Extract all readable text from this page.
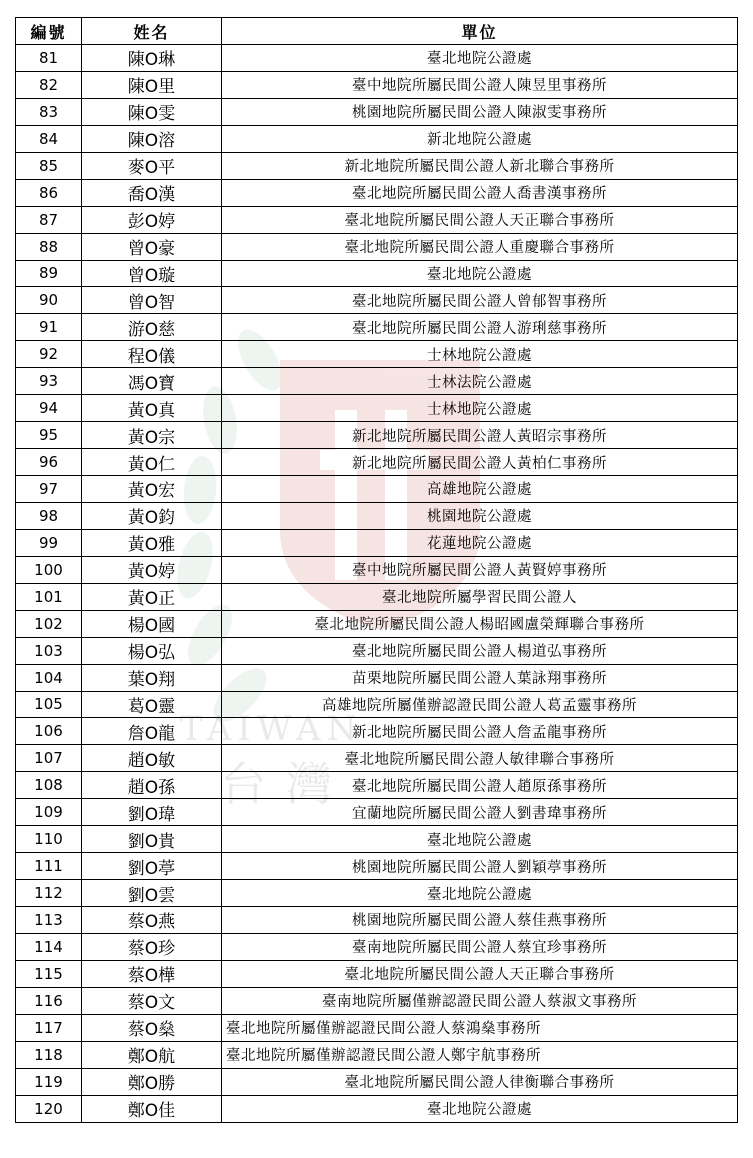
TAIWAN
台灣
編號	姓名	單位
81	陳O琳	臺北地院公證處
82	陳O里	臺中地院所屬民間公證人陳昱里事務所
83	陳O雯	桃園地院所屬民間公證人陳淑雯事務所
84	陳O溶	新北地院公證處
85	麥O平	新北地院所屬民間公證人新北聯合事務所
86	喬O漢	臺北地院所屬民間公證人喬書漢事務所
87	彭O婷	臺北地院所屬民間公證人天正聯合事務所
88	曾O豪	臺北地院所屬民間公證人重慶聯合事務所
89	曾O璇	臺北地院公證處
90	曾O智	臺北地院所屬民間公證人曾郁智事務所
91	游O慈	臺北地院所屬民間公證人游琍慈事務所
92	程O儀	士林地院公證處
93	馮O寶	士林法院公證處
94	黃O真	士林地院公證處
95	黃O宗	新北地院所屬民間公證人黃昭宗事務所
96	黃O仁	新北地院所屬民間公證人黃柏仁事務所
97	黃O宏	高雄地院公證處
98	黃O鈞	桃園地院公證處
99	黃O雅	花蓮地院公證處
100	黃O婷	臺中地院所屬民間公證人黃賢婷事務所
101	黃O正	臺北地院所屬學習民間公證人
102	楊O國	臺北地院所屬民間公證人楊昭國盧榮輝聯合事務所
103	楊O弘	臺北地院所屬民間公證人楊道弘事務所
104	葉O翔	苗栗地院所屬民間公證人葉詠翔事務所
105	葛O靈	高雄地院所屬僅辦認證民間公證人葛孟靈事務所
106	詹O龍	新北地院所屬民間公證人詹孟龍事務所
107	趙O敏	臺北地院所屬民間公證人敏律聯合事務所
108	趙O孫	臺北地院所屬民間公證人趙原孫事務所
109	劉O瑋	宜蘭地院所屬民間公證人劉書瑋事務所
110	劉O貴	臺北地院公證處
111	劉O葶	桃園地院所屬民間公證人劉穎葶事務所
112	劉O雲	臺北地院公證處
113	蔡O燕	桃園地院所屬民間公證人蔡佳燕事務所
114	蔡O珍	臺南地院所屬民間公證人蔡宜珍事務所
115	蔡O樺	臺北地院所屬民間公證人天正聯合事務所
116	蔡O文	臺南地院所屬僅辦認證民間公證人蔡淑文事務所
117	蔡O燊	臺北地院所屬僅辦認證民間公證人蔡鴻燊事務所
118	鄭O航	臺北地院所屬僅辦認證民間公證人鄭宇航事務所
119	鄭O勝	臺北地院所屬民間公證人律衡聯合事務所
120	鄭O佳	臺北地院公證處
